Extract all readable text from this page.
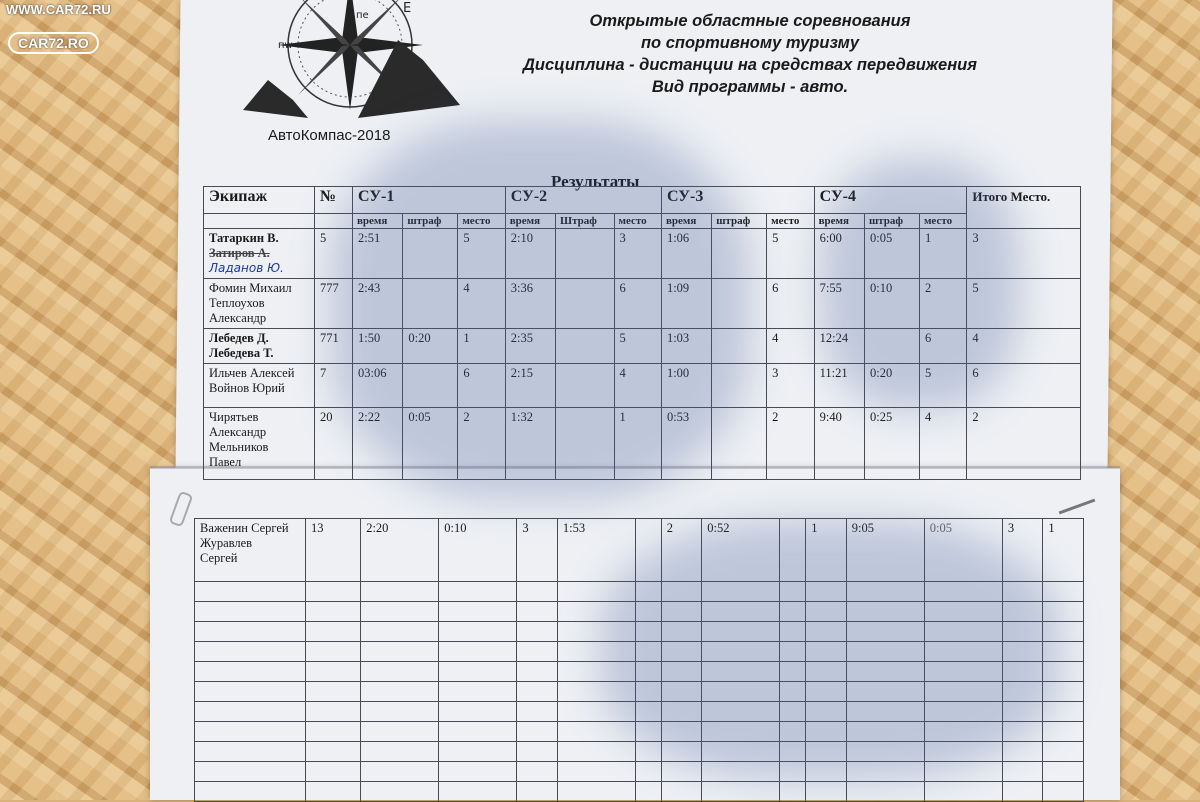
WWW.CAR72.RU
CAR72.RO
пе
пw
E
АвтоКомпас-2018
Открытые областные соревнования
по спортивному туризму
Дисциплина - дистанции на средствах передвижения
Вид программы - авто.
Результаты
Экипаж	№	СУ-1			СУ-2			СУ-3			СУ-4			Итого Место.
		время	штраф	место	время	Штраф	место	время	штраф	место	время	штраф	место	

Татаркин В.
Затиров А.
Ладанов Ю.	5	2:51		5	2:10		3	1:06		5	6:00	0:05	1	3

Фомин Михаил
Теплоухов
Александр	777	2:43		4	3:36		6	1:09		6	7:55	0:10	2	5

Лебедев Д.
Лебедева Т.	771	1:50	0:20	1	2:35		5	1:03		4	12:24		6	4

Ильчев Алексей
Войнов Юрий	7	03:06		6	2:15		4	1:00		3	11:21	0:20	5	6

Чирятьев
Александр
Мельников
Павел	20	2:22	0:05	2	1:32		1	0:53		2	9:40	0:25	4	2
Важенин Сергей
Журавлев
Сергей	13	2:20	0:10	3	1:53		2	0:52		1	9:05	0:05	3	1
